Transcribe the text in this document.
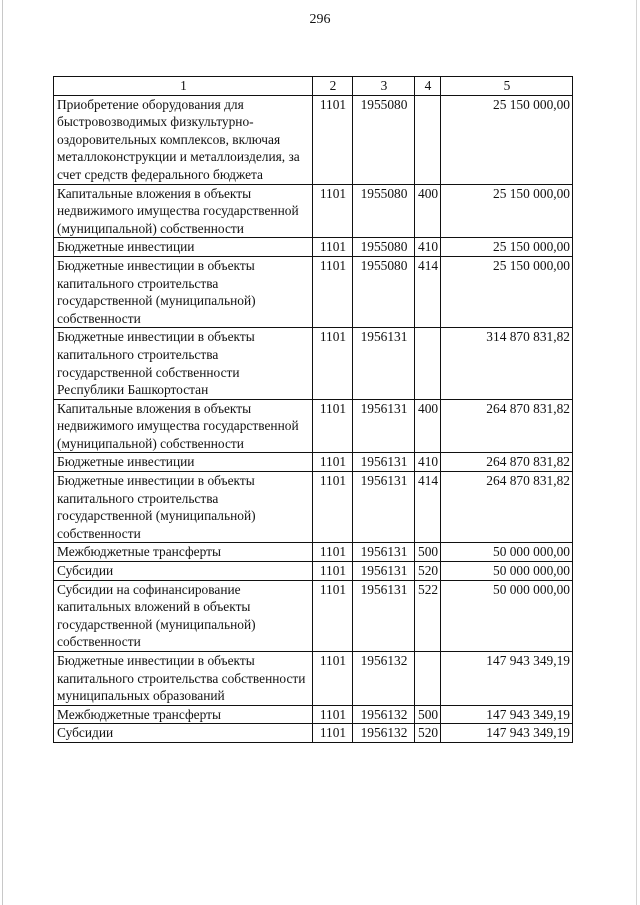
296
1	2	3	4	5
Приобретение оборудования для быстровозводимых физкультурно-оздоровительных комплексов, включая металлоконструкции и металлоизделия, за счет средств федерального бюджета	1101	1955080		25 150 000,00
Капитальные вложения в объекты недвижимого имущества государственной (муниципальной) собственности	1101	1955080	400	25 150 000,00
Бюджетные инвестиции	1101	1955080	410	25 150 000,00
Бюджетные инвестиции в объекты капитального строительства государственной (муниципальной) собственности	1101	1955080	414	25 150 000,00
Бюджетные инвестиции в объекты капитального строительства государственной собственности Республики Башкортостан	1101	1956131		314 870 831,82
Капитальные вложения в объекты недвижимого имущества государственной (муниципальной) собственности	1101	1956131	400	264 870 831,82
Бюджетные инвестиции	1101	1956131	410	264 870 831,82
Бюджетные инвестиции в объекты капитального строительства государственной (муниципальной) собственности	1101	1956131	414	264 870 831,82
Межбюджетные трансферты	1101	1956131	500	50 000 000,00
Субсидии	1101	1956131	520	50 000 000,00
Субсидии на софинансирование капитальных вложений в объекты государственной (муниципальной) собственности	1101	1956131	522	50 000 000,00
Бюджетные инвестиции в объекты капитального строительства собственности муниципальных образований	1101	1956132		147 943 349,19
Межбюджетные трансферты	1101	1956132	500	147 943 349,19
Субсидии	1101	1956132	520	147 943 349,19
